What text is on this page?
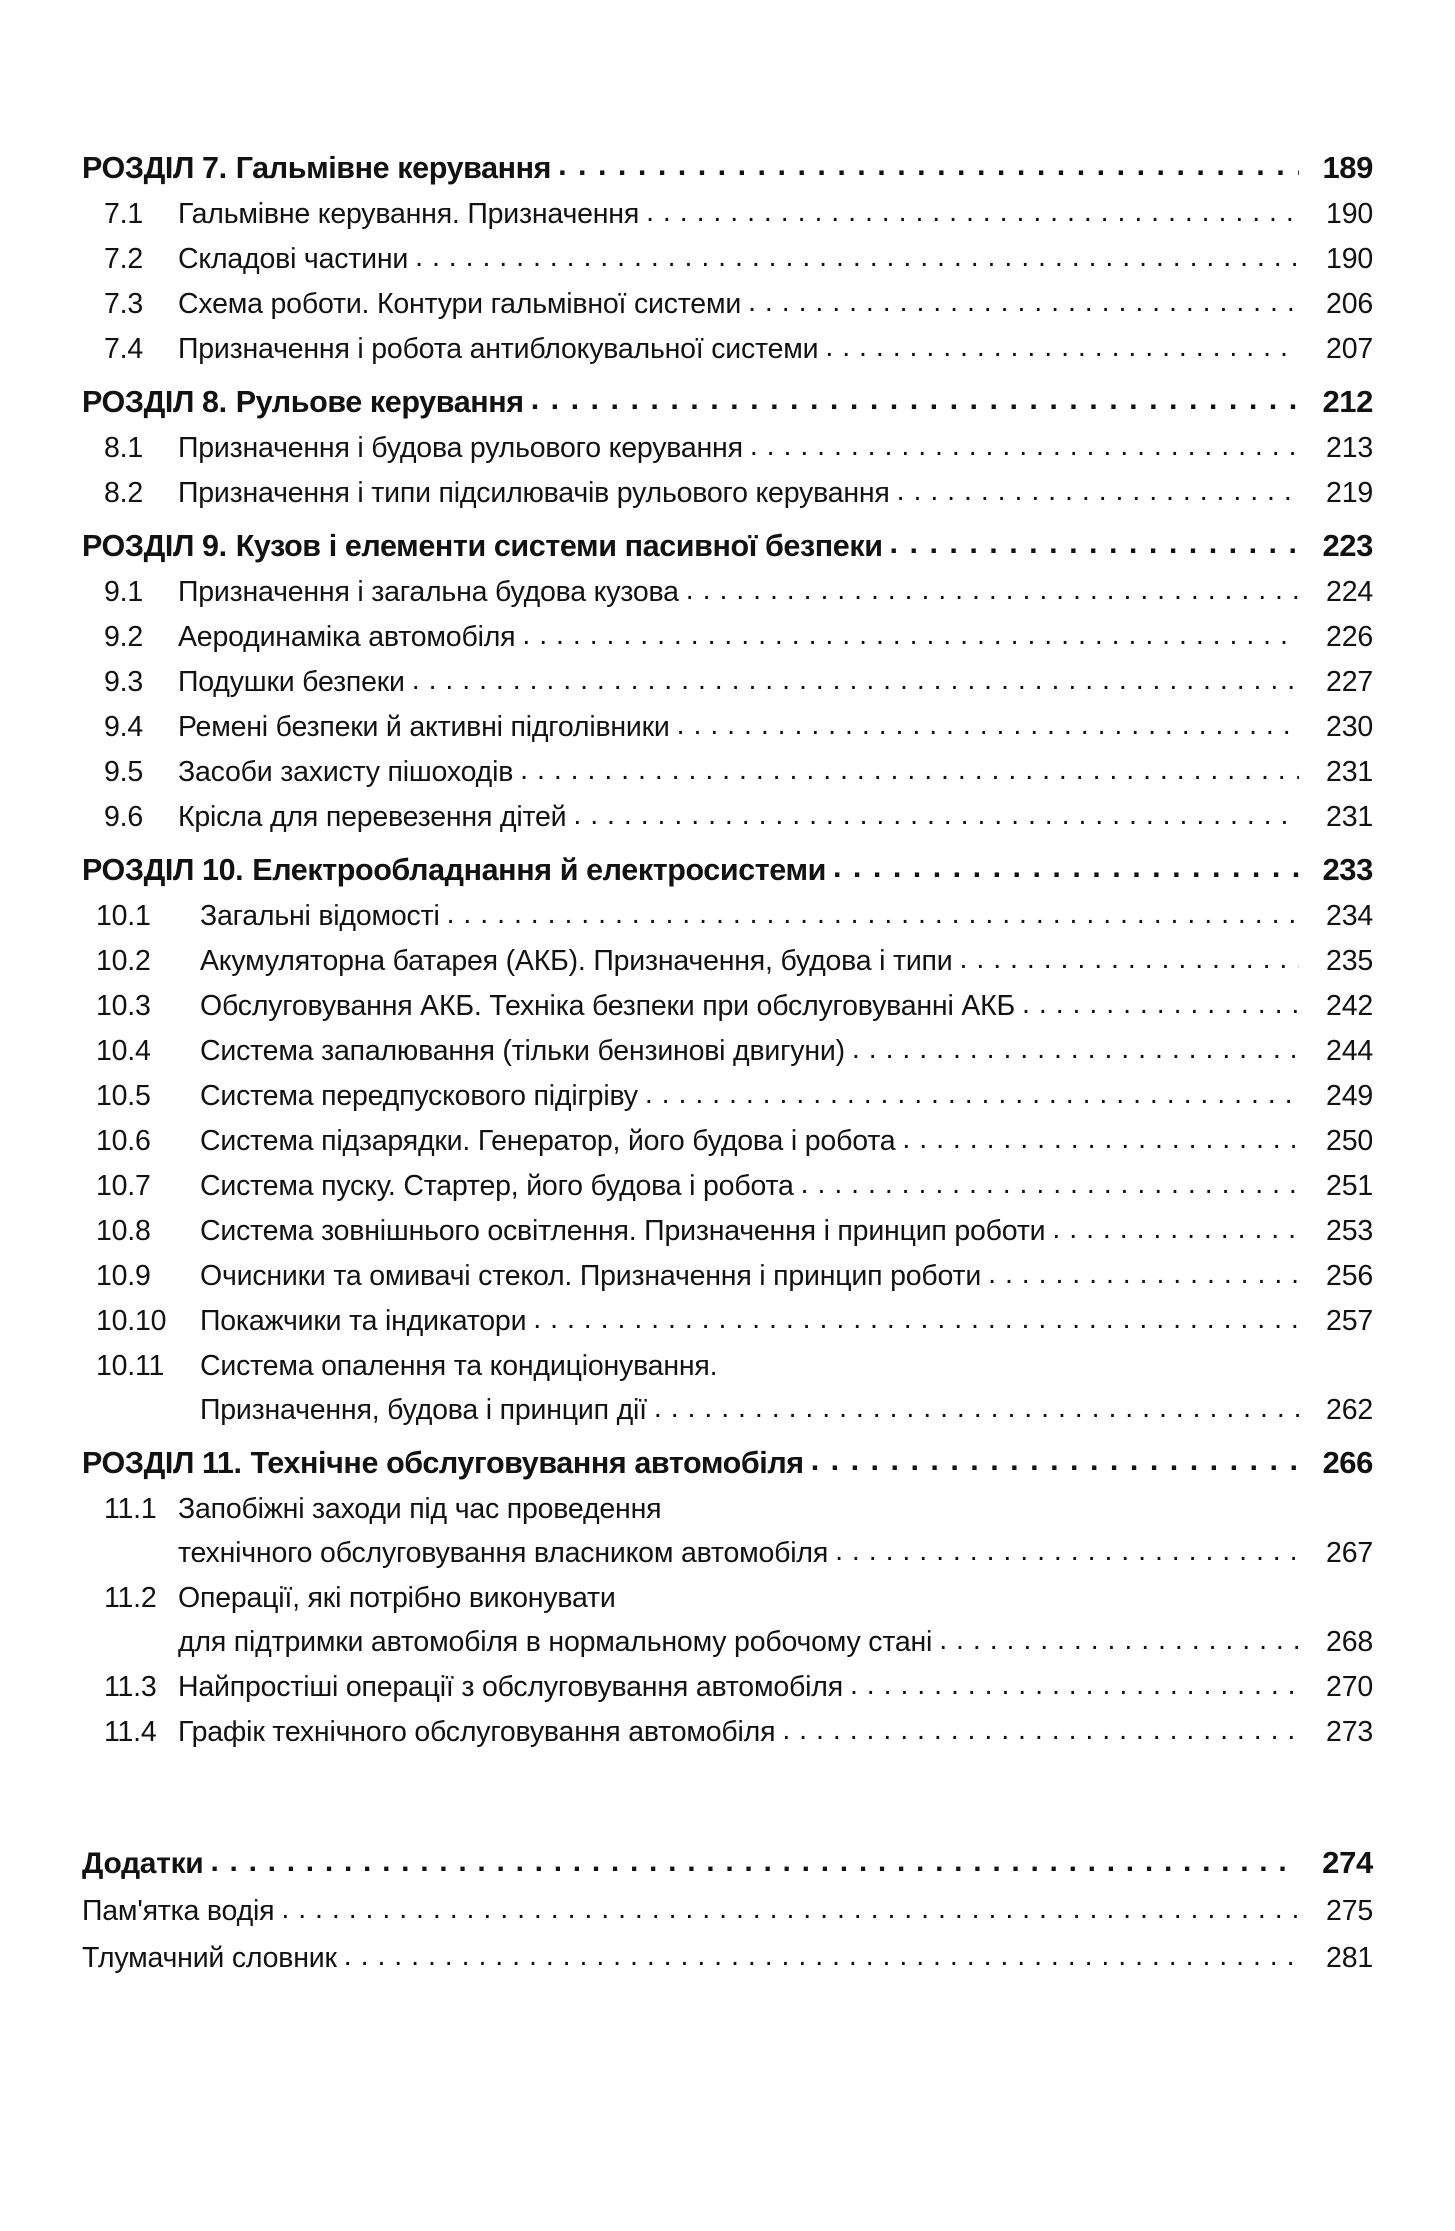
РОЗДІЛ 7. Гальмівне керування . . .	189
7.1	Гальмівне керування. Призначення . . .	190
7.2	Складові частини . . .	190
7.3	Схема роботи. Контури гальмівної системи . . .	206
7.4	Призначення і робота антиблокувальної системи . . .	207
РОЗДІЛ 8. Рульове керування . . .	212
8.1	Призначення і будова рульового керування . . .	213
8.2	Призначення і типи підсилювачів рульового керування . . .	219
РОЗДІЛ 9. Кузов і елементи системи пасивної безпеки . . .	223
9.1	Призначення і загальна будова кузова . . .	224
9.2	Аеродинаміка автомобіля . . .	226
9.3	Подушки безпеки . . .	227
9.4	Ремені безпеки й активні підголівники . . .	230
9.5	Засоби захисту пішоходів . . .	231
9.6	Крісла для перевезення дітей . . .	231
РОЗДІЛ 10. Електрообладнання й електросистеми . . .	233
10.1	Загальні відомості . . .	234
10.2	Акумуляторна батарея (АКБ). Призначення, будова і типи . . .	235
10.3	Обслуговування АКБ. Техніка безпеки при обслуговуванні АКБ . . .	242
10.4	Система запалювання (тільки бензинові двигуни) . . .	244
10.5	Система передпускового підігріву . . .	249
10.6	Система підзарядки. Генератор, його будова і робота . . .	250
10.7	Система пуску. Стартер, його будова і робота . . .	251
10.8	Система зовнішнього освітлення. Призначення і принцип роботи . . .	253
10.9	Очисники та омивачі стекол. Призначення і принцип роботи . . .	256
10.10	Покажчики та індикатори . . .	257
10.11	Система опалення та кондиціонування.
Призначення, будова і принцип дії . . .	262
РОЗДІЛ 11. Технічне обслуговування автомобіля . . .	266
11.1 Запобіжні заходи під час проведення
технічного обслуговування власником автомобіля . . .	267
11.2 Операції, які потрібно виконувати
для підтримки автомобіля в нормальному робочому стані . . .	268
11.3 Найпростіші операції з обслуговування автомобіля . . .	270
11.4 Графік технічного обслуговування автомобіля . . .	273
Додатки . . .	274
Пам'ятка водія . . .	275
Тлумачний словник . . .	281
